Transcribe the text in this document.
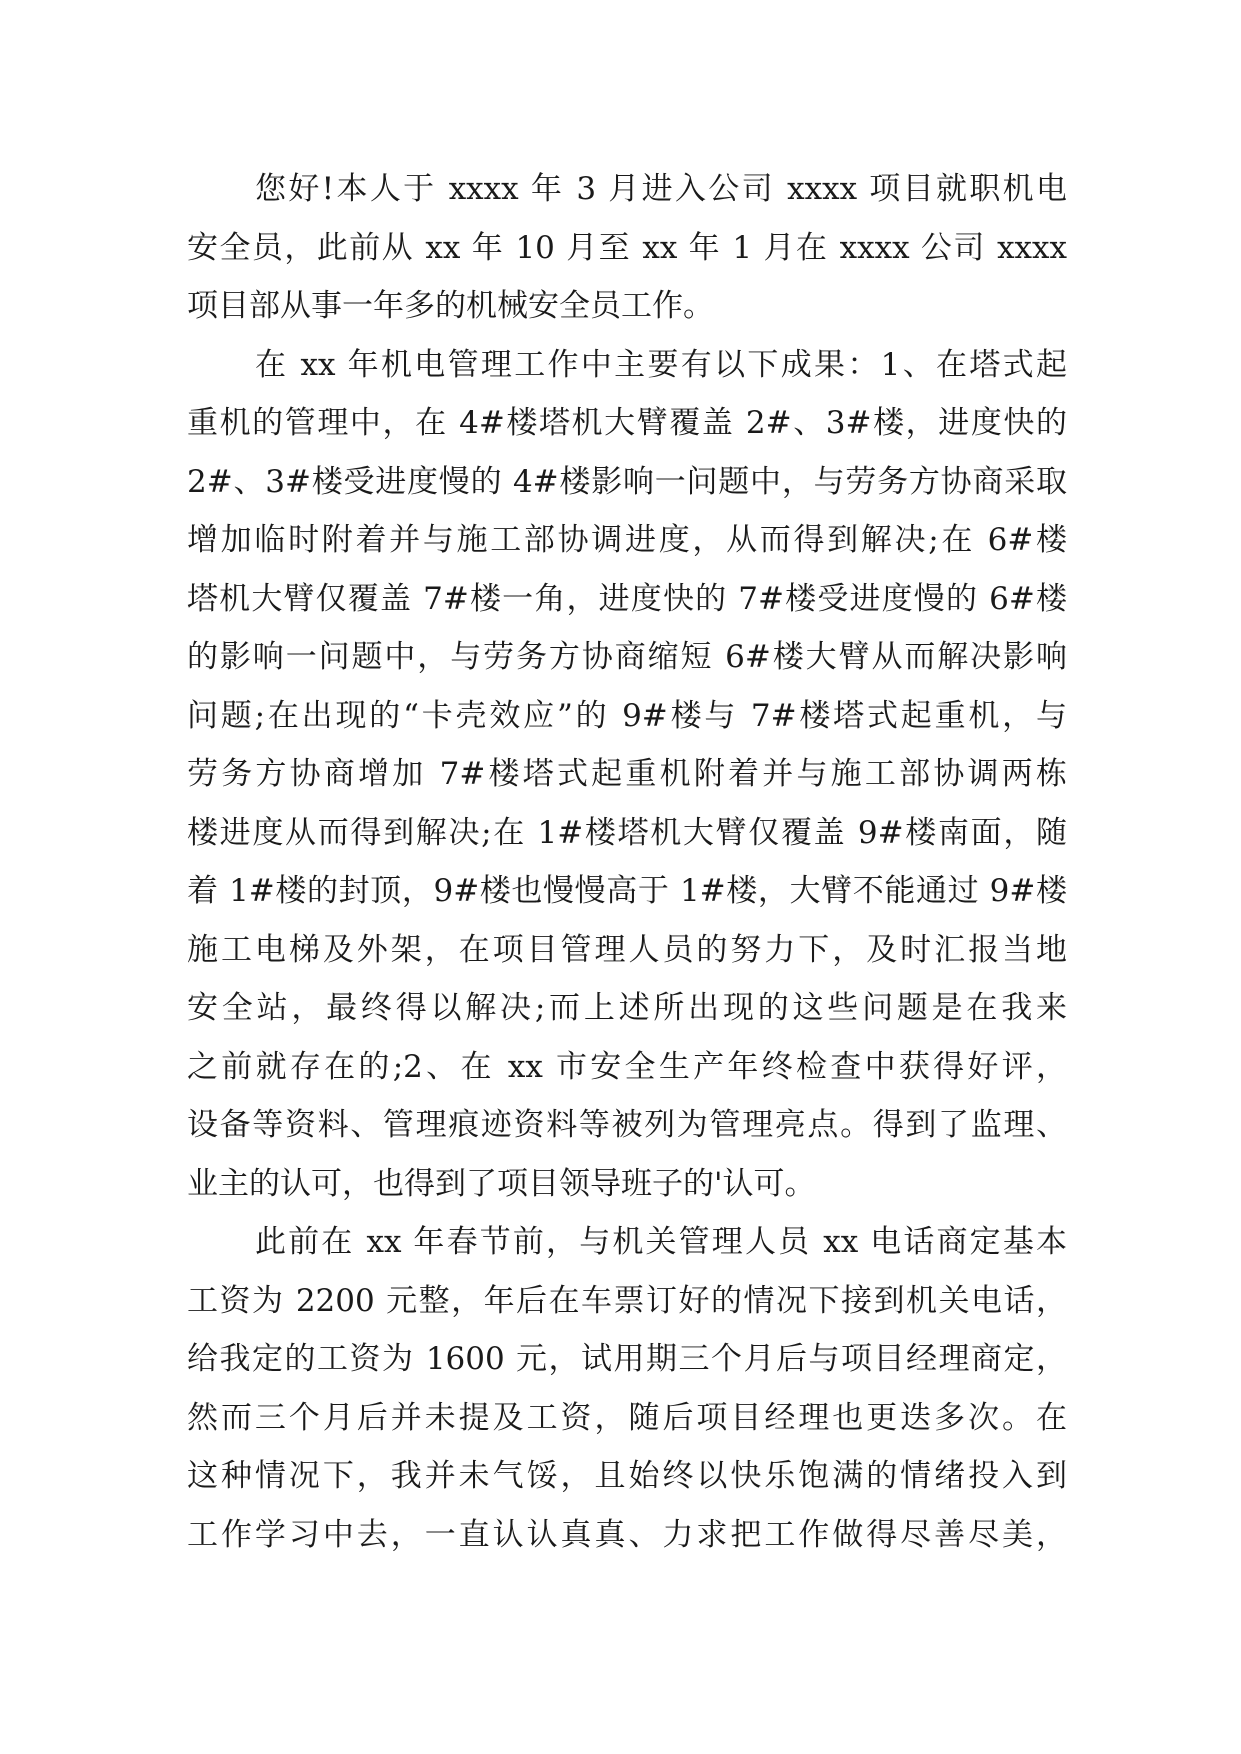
您好!本人于 xxxx 年 3 月进入公司 xxxx 项目就职机电
安全员，此前从 xx 年 10 月至 xx 年 1 月在 xxxx 公司 xxxx
项目部从事一年多的机械安全员工作。

在 xx 年机电管理工作中主要有以下成果：1、在塔式起
重机的管理中，在 4#楼塔机大臂覆盖 2#、3#楼，进度快的
2#、3#楼受进度慢的 4#楼影响一问题中，与劳务方协商采取
增加临时附着并与施工部协调进度，从而得到解决;在 6#楼
塔机大臂仅覆盖 7#楼一角，进度快的 7#楼受进度慢的 6#楼
的影响一问题中，与劳务方协商缩短 6#楼大臂从而解决影响
问题;在出现的“卡壳效应”的 9#楼与 7#楼塔式起重机，与
劳务方协商增加 7#楼塔式起重机附着并与施工部协调两栋
楼进度从而得到解决;在 1#楼塔机大臂仅覆盖 9#楼南面，随
着 1#楼的封顶，9#楼也慢慢高于 1#楼，大臂不能通过 9#楼
施工电梯及外架，在项目管理人员的努力下，及时汇报当地
安全站，最终得以解决;而上述所出现的这些问题是在我来
之前就存在的;2、在 xx 市安全生产年终检查中获得好评，
设备等资料、管理痕迹资料等被列为管理亮点。得到了监理、
业主的认可，也得到了项目领导班子的'认可。

此前在 xx 年春节前，与机关管理人员 xx 电话商定基本
工资为 2200 元整，年后在车票订好的情况下接到机关电话，
给我定的工资为 1600 元，试用期三个月后与项目经理商定，
然而三个月后并未提及工资，随后项目经理也更迭多次。在
这种情况下，我并未气馁，且始终以快乐饱满的情绪投入到
工作学习中去，一直认认真真、力求把工作做得尽善尽美，
